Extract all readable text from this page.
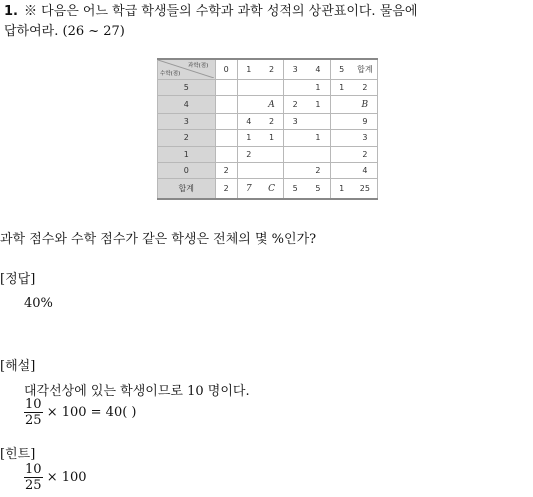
1. ※ 다음은 어느 학급 학생들의 수학과 과학 성적의 상관표이다. 물음에
답하여라. (26 ~ 27)
과학(점)
수학(점)	0	1	2	3	4	5	합계
5					1	1	2
4			A	2	1		B
3		4	2	3			9
2		1	1		1		3
1		2					2
0	2				2		4
합계	2	7	C	5	5	1	25
과학 점수와 수학 점수가 같은 학생은 전체의 몇 %인가?
[정답]
40%
[해설]
대각선상에 있는 학생이므로 10 명이다.
$\frac{10}{25} \times 100 = 40$( )
[힌트]
$\frac{10}{25} \times 100$
